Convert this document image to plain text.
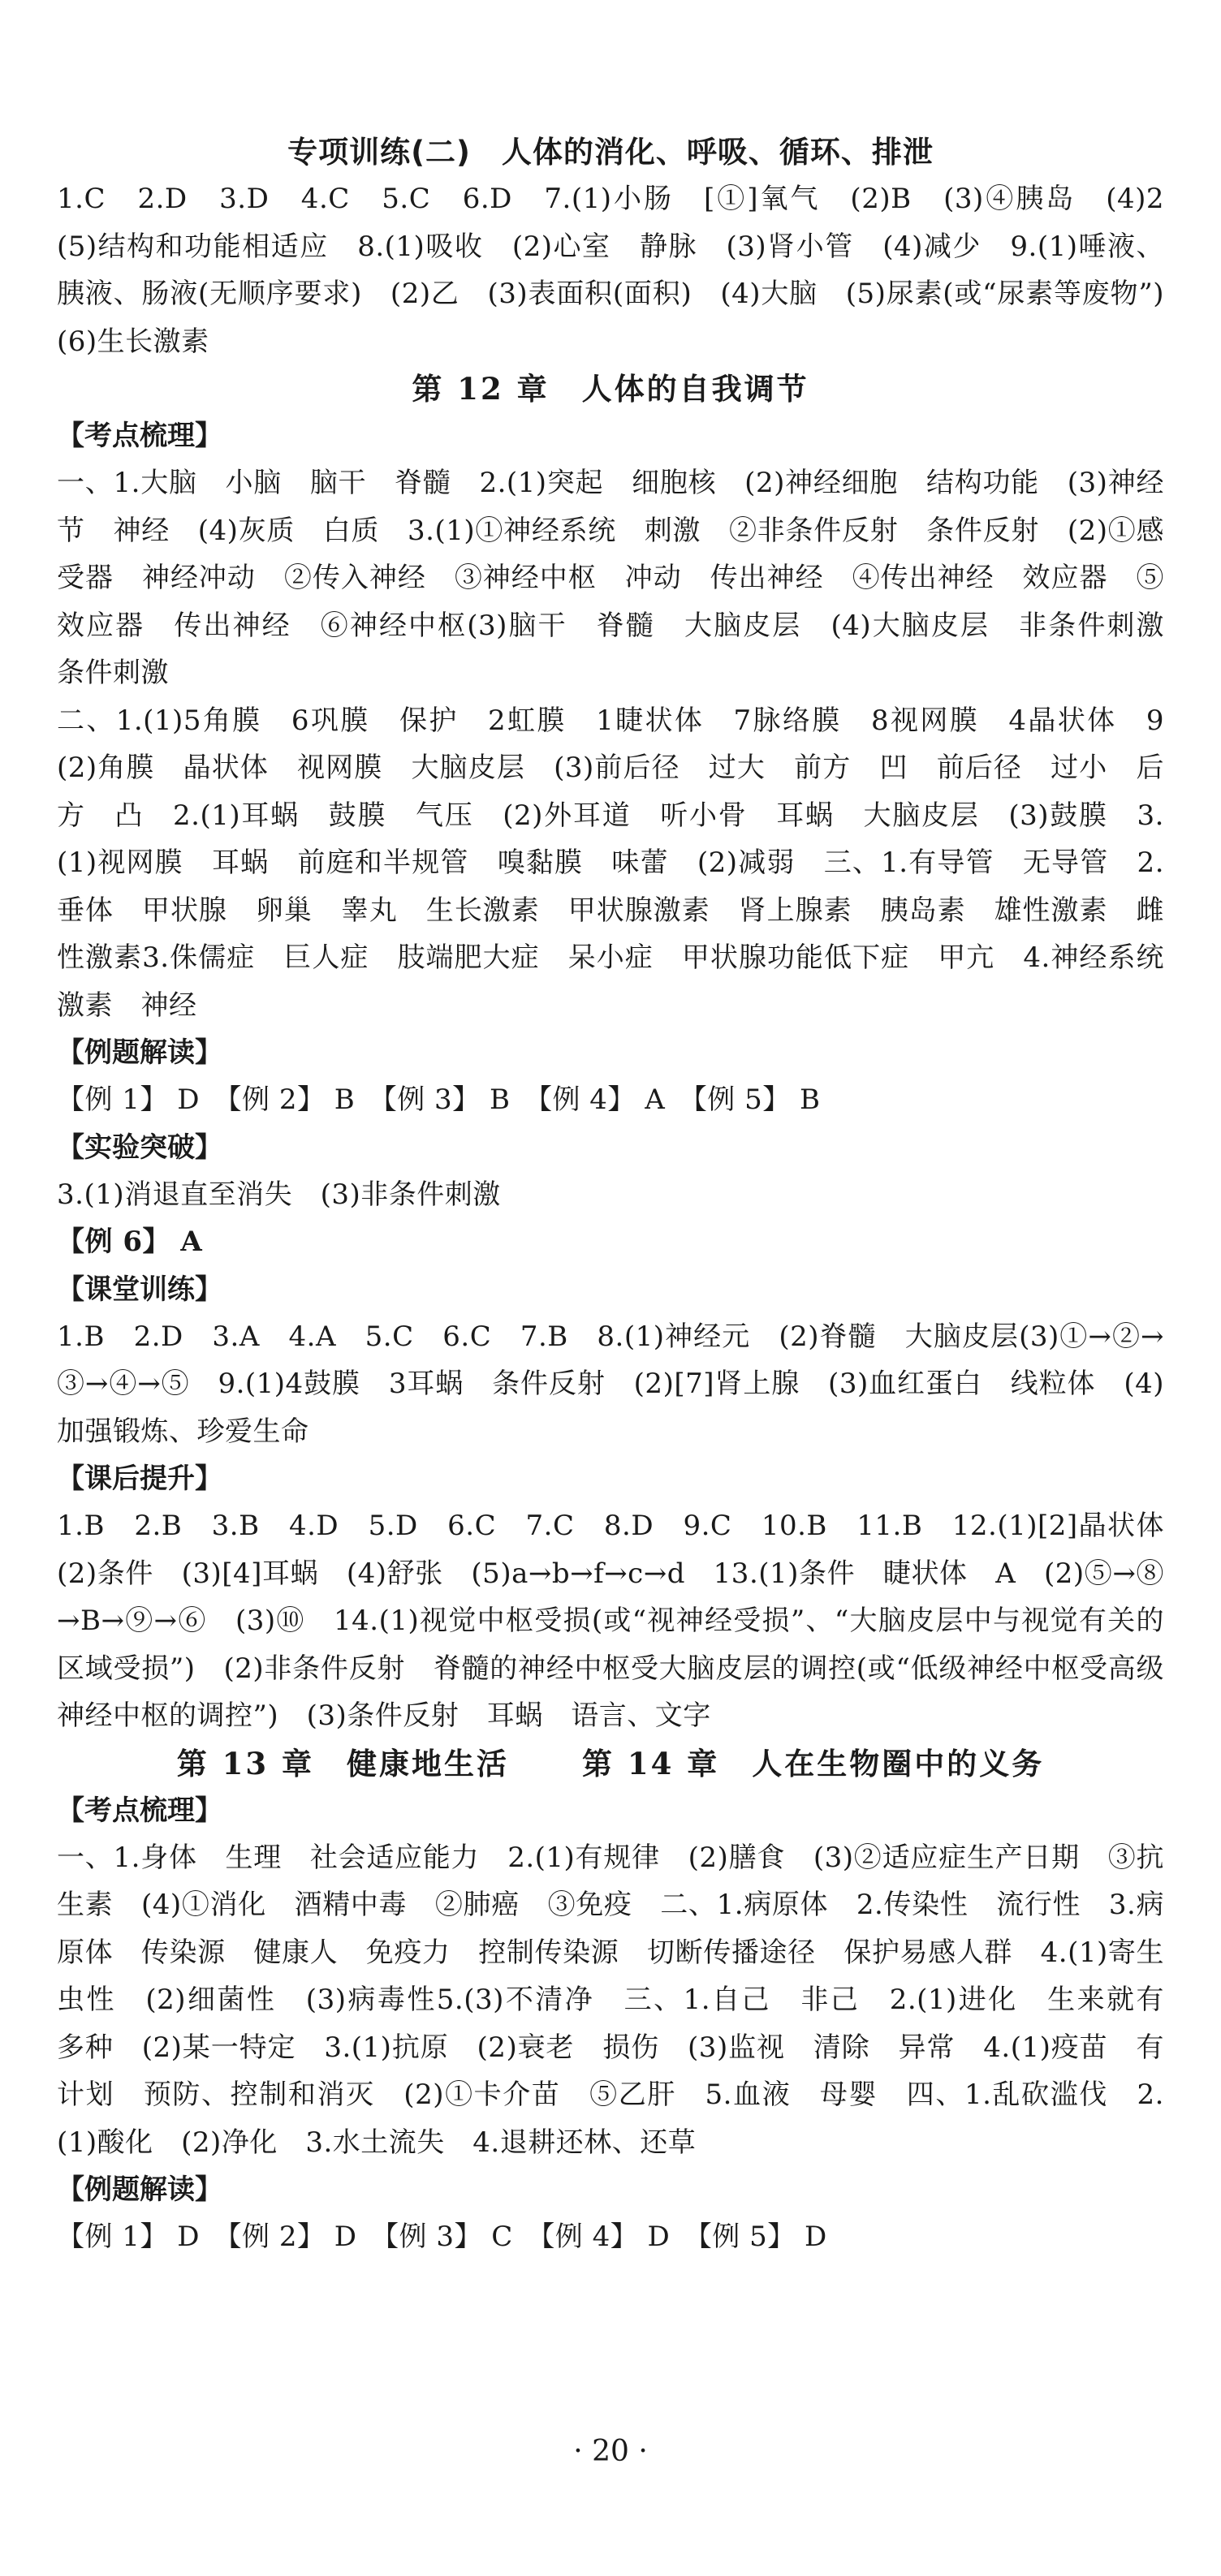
专项训练(二)　人体的消化、呼吸、循环、排泄

1.C　2.D　3.D　4.C　5.C　6.D　7.(1)小肠　[①]氧气　(2)B　(3)④胰岛　(4)2　(5)结构和功能相适应　8.(1)吸收　(2)心室　静脉　(3)肾小管　(4)减少　9.(1)唾液、胰液、肠液(无顺序要求)　(2)乙　(3)表面积(面积)　(4)大脑　(5)尿素(或“尿素等废物”)　(6)生长激素

第 12 章　人体的自我调节
【考点梳理】

一、1.大脑　小脑　脑干　脊髓　2.(1)突起　细胞核　(2)神经细胞　结构功能　(3)神经节　神经　(4)灰质　白质　3.(1)①神经系统　刺激　②非条件反射　条件反射　(2)①感受器　神经冲动　②传入神经　③神经中枢　冲动　传出神经　④传出神经　效应器　⑤效应器　传出神经　⑥神经中枢(3)脑干　脊髓　大脑皮层　(4)大脑皮层　非条件刺激　条件刺激

二、1.(1)5角膜　6巩膜　保护　2虹膜　1睫状体　7脉络膜　8视网膜　4晶状体　9　(2)角膜　晶状体　视网膜　大脑皮层　(3)前后径　过大　前方　凹　前后径　过小　后方　凸　2.(1)耳蜗　鼓膜　气压　(2)外耳道　听小骨　耳蜗　大脑皮层　(3)鼓膜　3.(1)视网膜　耳蜗　前庭和半规管　嗅黏膜　味蕾　(2)减弱　三、1.有导管　无导管　2.垂体　甲状腺　卵巢　睾丸　生长激素　甲状腺激素　肾上腺素　胰岛素　雄性激素　雌性激素3.侏儒症　巨人症　肢端肥大症　呆小症　甲状腺功能低下症　甲亢　4.神经系统　激素　神经

【例题解读】

【例 1】 D　【例 2】 B　【例 3】 B　【例 4】 A　【例 5】 B

【实验突破】

3.(1)消退直至消失　(3)非条件刺激

【例 6】 A

【课堂训练】

1.B　2.D　3.A　4.A　5.C　6.C　7.B　8.(1)神经元　(2)脊髓　大脑皮层(3)①→②→③→④→⑤　9.(1)4鼓膜　3耳蜗　条件反射　(2)[7]肾上腺　(3)血红蛋白　线粒体　(4)加强锻炼、珍爱生命

【课后提升】

1.B　2.B　3.B　4.D　5.D　6.C　7.C　8.D　9.C　10.B　11.B　12.(1)[2]晶状体　(2)条件　(3)[4]耳蜗　(4)舒张　(5)a→b→f→c→d　13.(1)条件　睫状体　A　(2)⑤→⑧→B→⑨→⑥　(3)⑩　14.(1)视觉中枢受损(或“视神经受损”、“大脑皮层中与视觉有关的区域受损”)　(2)非条件反射　脊髓的神经中枢受大脑皮层的调控(或“低级神经中枢受高级神经中枢的调控”)　(3)条件反射　耳蜗　语言、文字

第 13 章　健康地生活 第 14 章　人在生物圈中的义务
【考点梳理】

一、1.身体　生理　社会适应能力　2.(1)有规律　(2)膳食　(3)②适应症生产日期　③抗生素　(4)①消化　酒精中毒　②肺癌　③免疫　二、1.病原体　2.传染性　流行性　3.病原体　传染源　健康人　免疫力　控制传染源　切断传播途径　保护易感人群　4.(1)寄生虫性　(2)细菌性　(3)病毒性5.(3)不清净　三、1.自己　非己　2.(1)进化　生来就有　多种　(2)某一特定　3.(1)抗原　(2)衰老　损伤　(3)监视　清除　异常　4.(1)疫苗　有计划　预防、控制和消灭　(2)①卡介苗　⑤乙肝　5.血液　母婴　四、1.乱砍滥伐　2.(1)酸化　(2)净化　3.水土流失　4.退耕还林、还草

【例题解读】

【例 1】 D　【例 2】 D　【例 3】 C　【例 4】 D　【例 5】 D

· 20 ·
